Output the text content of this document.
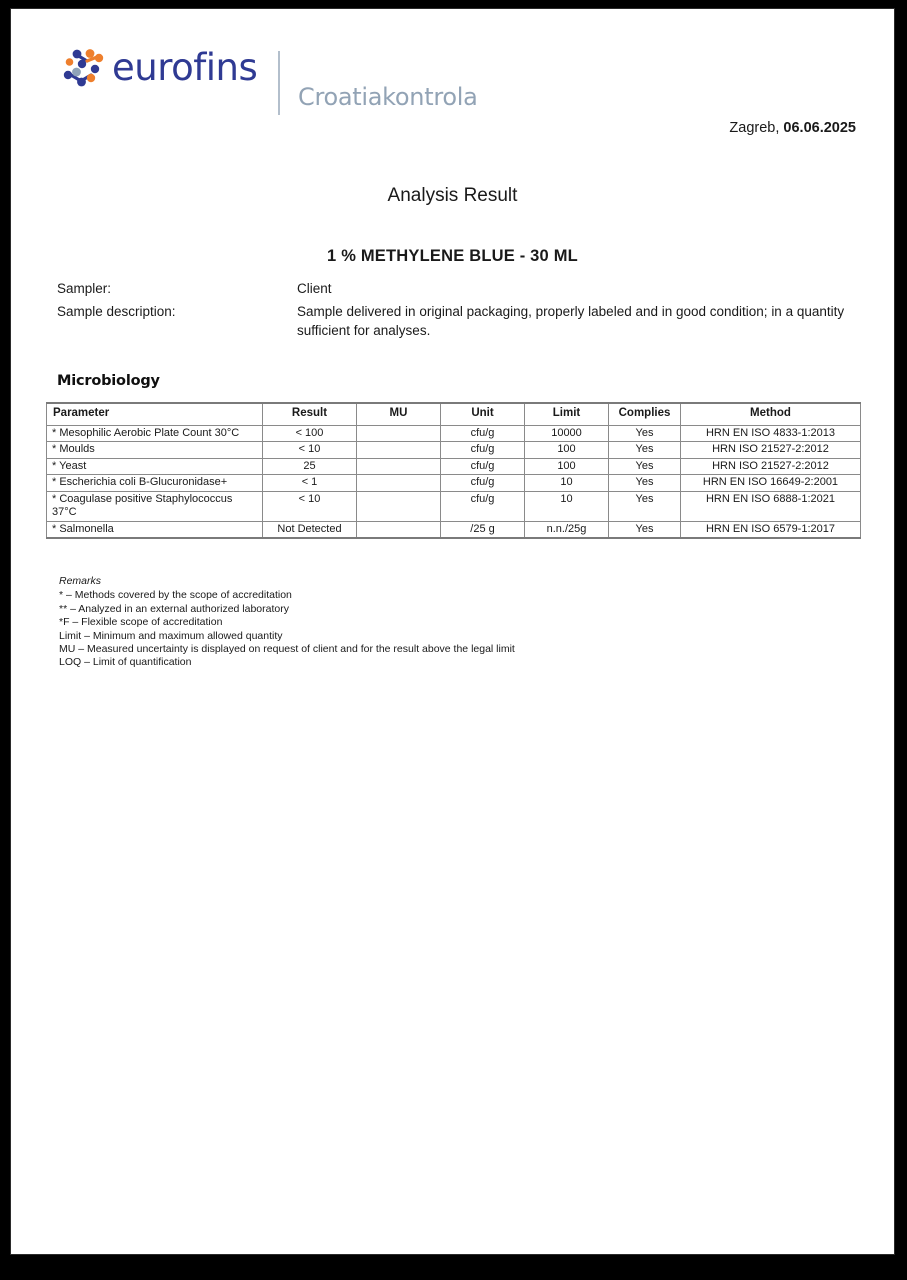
eurofins
Croatiakontrola
Zagreb, 06.06.2025
Analysis Result
1 % METHYLENE BLUE - 30 ML
Sampler:	Client
Sample description:	Sample delivered in original packaging, properly labeled and in good condition; in a quantity sufficient for analyses.
Microbiology
Parameter	Result	MU	Unit	Limit	Complies	Method
* Mesophilic Aerobic Plate Count 30°C	< 100		cfu/g	10000	Yes	HRN EN ISO 4833-1:2013
* Moulds	< 10		cfu/g	100	Yes	HRN ISO 21527-2:2012
* Yeast	25		cfu/g	100	Yes	HRN ISO 21527-2:2012
* Escherichia coli B-Glucuronidase+	< 1		cfu/g	10	Yes	HRN EN ISO 16649-2:2001
* Coagulase positive Staphylococcus 37°C	< 10		cfu/g	10	Yes	HRN EN ISO 6888-1:2021
* Salmonella	Not Detected		/25 g	n.n./25g	Yes	HRN EN ISO 6579-1:2017
Remarks
* – Methods covered by the scope of accreditation
** – Analyzed in an external authorized laboratory
*F – Flexible scope of accreditation
Limit – Minimum and maximum allowed quantity
MU – Measured uncertainty is displayed on request of client and for the result above the legal limit
LOQ – Limit of quantification
